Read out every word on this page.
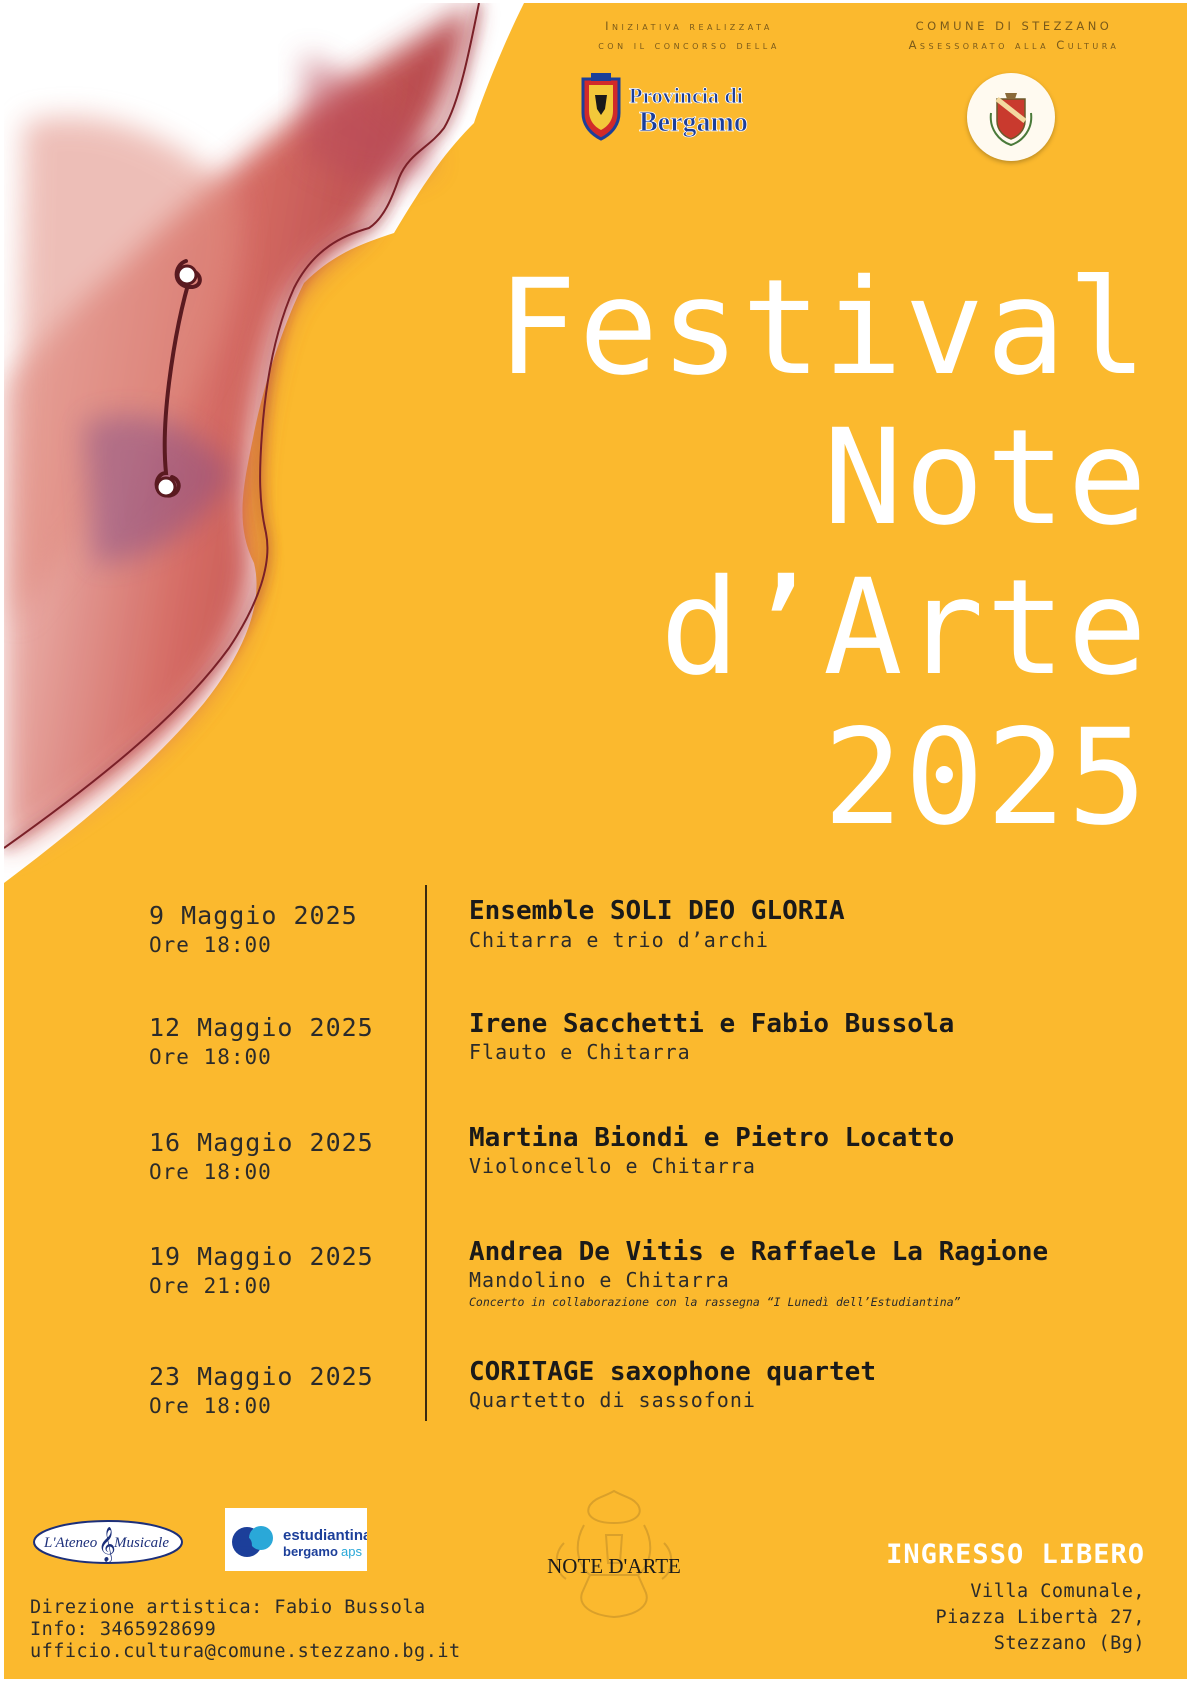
Iniziativa realizzata
con il concorso della
COMUNE DI STEZZANO
Assessorato alla Cultura
Provincia di
Bergamo
Festival
Note
d’Arte
2025
9 Maggio 2025
Ore 18:00
Ensemble SOLI DEO GLORIA
Chitarra e trio d’archi
12 Maggio 2025
Ore 18:00
Irene Sacchetti e Fabio Bussola
Flauto e Chitarra
16 Maggio 2025
Ore 18:00
Martina Biondi e Pietro Locatto
Violoncello e Chitarra
19 Maggio 2025
Ore 21:00
Andrea De Vitis e Raffaele La Ragione
Mandolino e Chitarra
Concerto in collaborazione con la rassegna “I Lunedì dell’Estudiantina”
23 Maggio 2025
Ore 18:00
CORITAGE saxophone quartet
Quartetto di sassofoni
L'Ateneo Musicale
𝄞	e estudiantina
bergamo aps
NOTE D'ARTE	INGRESSO LIBERO
Villa Comunale,
Piazza Libertà 27,
Stezzano (Bg)
Direzione artistica: Fabio Bussola
Info: 3465928699
ufficio.cultura@comune.stezzano.bg.it
